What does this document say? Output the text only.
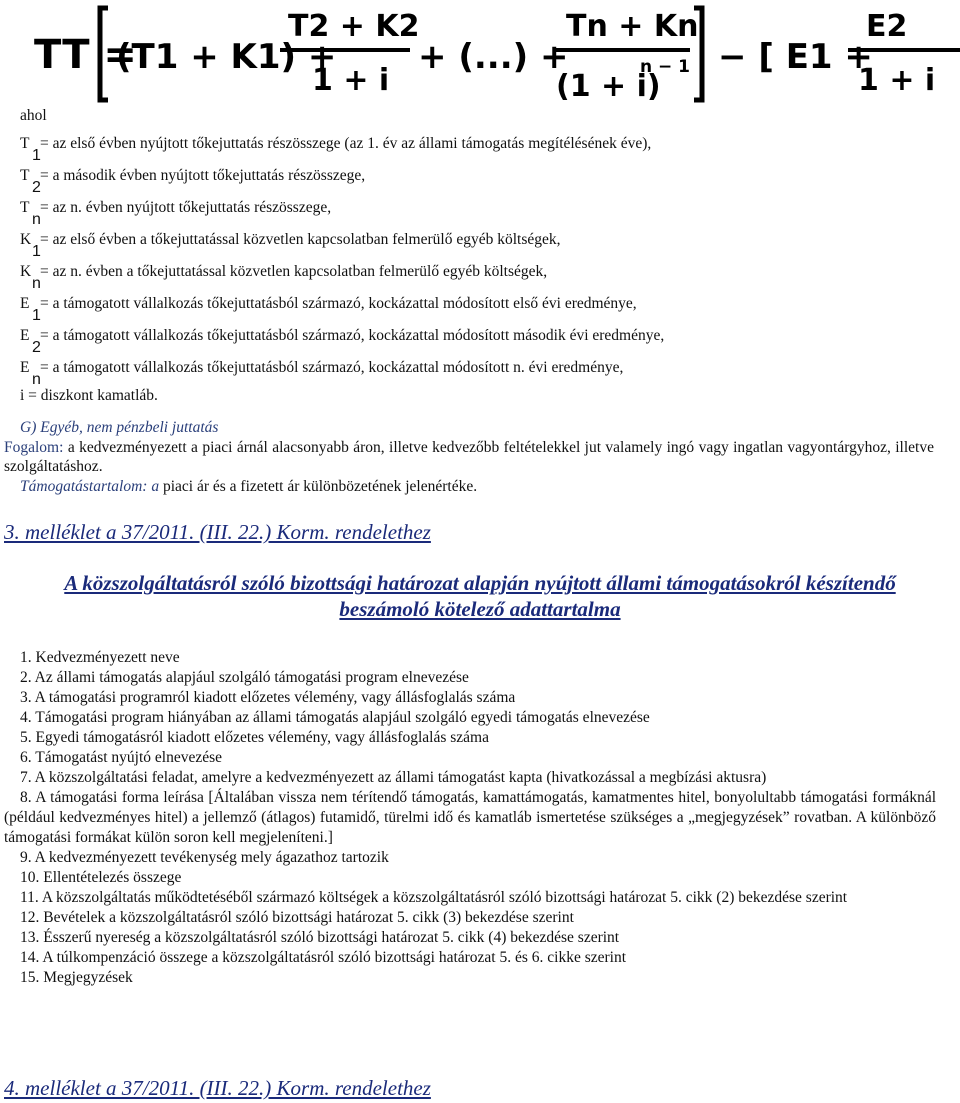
TT =
(T1 + K1) +
T2 + K2
1 + i
+ (...) +
Tn + Kn
(1 + i)
n − 1 − [ E1 +
E2
1 + i
ahol
T
1
= az első évben nyújtott tőkejuttatás részösszege (az 1. év az állami támogatás megítélésének éve),
T
2
= a második évben nyújtott tőkejuttatás részösszege,
T
n
= az n. évben nyújtott tőkejuttatás részösszege,
K
1
= az első évben a tőkejuttatással közvetlen kapcsolatban felmerülő egyéb költségek,
K
n
= az n. évben a tőkejuttatással közvetlen kapcsolatban felmerülő egyéb költségek,
E
1
= a támogatott vállalkozás tőkejuttatásból származó, kockázattal módosított első évi eredménye,
E
2
= a támogatott vállalkozás tőkejuttatásból származó, kockázattal módosított második évi eredménye,
E
n
= a támogatott vállalkozás tőkejuttatásból származó, kockázattal módosított n. évi eredménye,
i = diszkont kamatláb.
G) Egyéb, nem pénzbeli juttatás
Fogalom: a kedvezményezett a piaci árnál alacsonyabb áron, illetve kedvezőbb feltételekkel jut valamely ingó vagy ingatlan vagyontárgyhoz, illetve szolgáltatáshoz.
Támogatástartalom: a piaci ár és a fizetett ár különbözetének jelenértéke.
3. melléklet a 37/2011. (III. 22.) Korm. rendelethez
A közszolgáltatásról szóló bizottsági határozat alapján nyújtott állami támogatásokról készítendő beszámoló kötelező adattartalma
1. Kedvezményezett neve
2. Az állami támogatás alapjául szolgáló támogatási program elnevezése
3. A támogatási programról kiadott előzetes vélemény, vagy állásfoglalás száma
4. Támogatási program hiányában az állami támogatás alapjául szolgáló egyedi támogatás elnevezése
5. Egyedi támogatásról kiadott előzetes vélemény, vagy állásfoglalás száma
6. Támogatást nyújtó elnevezése
7. A közszolgáltatási feladat, amelyre a kedvezményezett az állami támogatást kapta (hivatkozással a megbízási aktusra)
8. A támogatási forma leírása [Általában vissza nem térítendő támogatás, kamattámogatás, kamatmentes hitel, bonyolultabb támogatási formáknál (például kedvezményes hitel) a jellemző (átlagos) futamidő, türelmi idő és kamatláb ismertetése szükséges a „megjegyzések” rovatban. A különböző támogatási formákat külön soron kell megjeleníteni.]
9. A kedvezményezett tevékenység mely ágazathoz tartozik
10. Ellentételezés összege
11. A közszolgáltatás működtetéséből származó költségek a közszolgáltatásról szóló bizottsági határozat 5. cikk (2) bekezdése szerint
12. Bevételek a közszolgáltatásról szóló bizottsági határozat 5. cikk (3) bekezdése szerint
13. Ésszerű nyereség a közszolgáltatásról szóló bizottsági határozat 5. cikk (4) bekezdése szerint
14. A túlkompenzáció összege a közszolgáltatásról szóló bizottsági határozat 5. és 6. cikke szerint
15. Megjegyzések
4. melléklet a 37/2011. (III. 22.) Korm. rendelethez
